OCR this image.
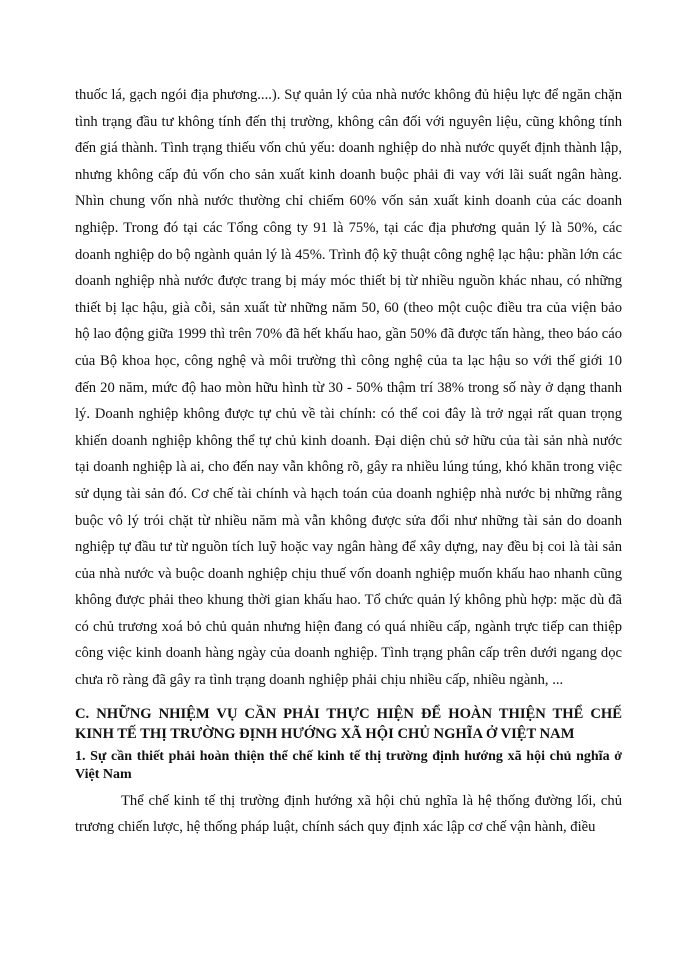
thuốc lá, gạch ngói địa phương....). Sự quản lý của nhà nước không đủ hiệu lực để ngăn chặn tình trạng đầu tư không tính đến thị trường, không cân đối với nguyên liệu, cũng không tính đến giá thành. Tình trạng thiếu vốn chủ yếu: doanh nghiệp do nhà nước quyết định thành lập, nhưng không cấp đủ vốn cho sản xuất kinh doanh buộc phải đi vay với lãi suất ngân hàng. Nhìn chung vốn nhà nước thường chỉ chiếm 60% vốn sản xuất kinh doanh của các doanh nghiệp. Trong đó tại các Tổng công ty 91 là 75%, tại các địa phương quản lý là 50%, các doanh nghiệp do bộ ngành quản lý là 45%. Trình độ kỹ thuật công nghệ lạc hậu: phần lớn các doanh nghiệp nhà nước được trang bị máy móc thiết bị từ nhiều nguồn khác nhau, có những thiết bị lạc hậu, già cỗi, sản xuất từ những năm 50, 60 (theo một cuộc điều tra của viện bảo hộ lao động giữa 1999 thì trên 70% đã hết khấu hao, gần 50% đã được tấn hàng, theo báo cáo của Bộ khoa học, công nghệ và môi trường thì công nghệ của ta lạc hậu so với thế giới 10 đến 20 năm, mức độ hao mòn hữu hình từ 30 - 50% thậm trí 38% trong số này ở dạng thanh lý. Doanh nghiệp không được tự chủ về tài chính: có thể coi đây là trở ngại rất quan trọng khiến doanh nghiệp không thể tự chủ kinh doanh. Đại diện chủ sở hữu của tài sản nhà nước tại doanh nghiệp là ai, cho đến nay vẫn không rõ, gây ra nhiều lúng túng, khó khăn trong việc sử dụng tài sản đó. Cơ chế tài chính và hạch toán của doanh nghiệp nhà nước bị những rằng buộc vô lý trói chặt từ nhiều năm mà vẫn không được sửa đổi như những tài sản do doanh nghiệp tự đầu tư từ nguồn tích luỹ hoặc vay ngân hàng để xây dựng, nay đều bị coi là tài sản của nhà nước và buộc doanh nghiệp chịu thuế vốn doanh nghiệp muốn khấu hao nhanh cũng không được phải theo khung thời gian khấu hao. Tổ chức quản lý không phù hợp: mặc dù đã có chủ trương xoá bỏ chủ quản nhưng hiện đang có quá nhiều cấp, ngành trực tiếp can thiệp công việc kinh doanh hàng ngày của doanh nghiệp. Tình trạng phân cấp trên dưới ngang dọc chưa rõ ràng đã gây ra tình trạng doanh nghiệp phải chịu nhiều cấp, nhiều ngành, ...

C. NHỮNG NHIỆM VỤ CẦN PHẢI THỰC HIỆN ĐỂ HOÀN THIỆN THỂ CHẾ KINH TẾ THỊ TRƯỜNG ĐỊNH HƯỚNG XÃ HỘI CHỦ NGHĨA Ở VIỆT NAM
1. Sự cần thiết phải hoàn thiện thể chế kinh tế thị trường định hướng xã hội chủ nghĩa ở Việt Nam

Thể chế kinh tế thị trường định hướng xã hội chủ nghĩa là hệ thống đường lối, chủ trương chiến lược, hệ thống pháp luật, chính sách quy định xác lập cơ chế vận hành, điều
